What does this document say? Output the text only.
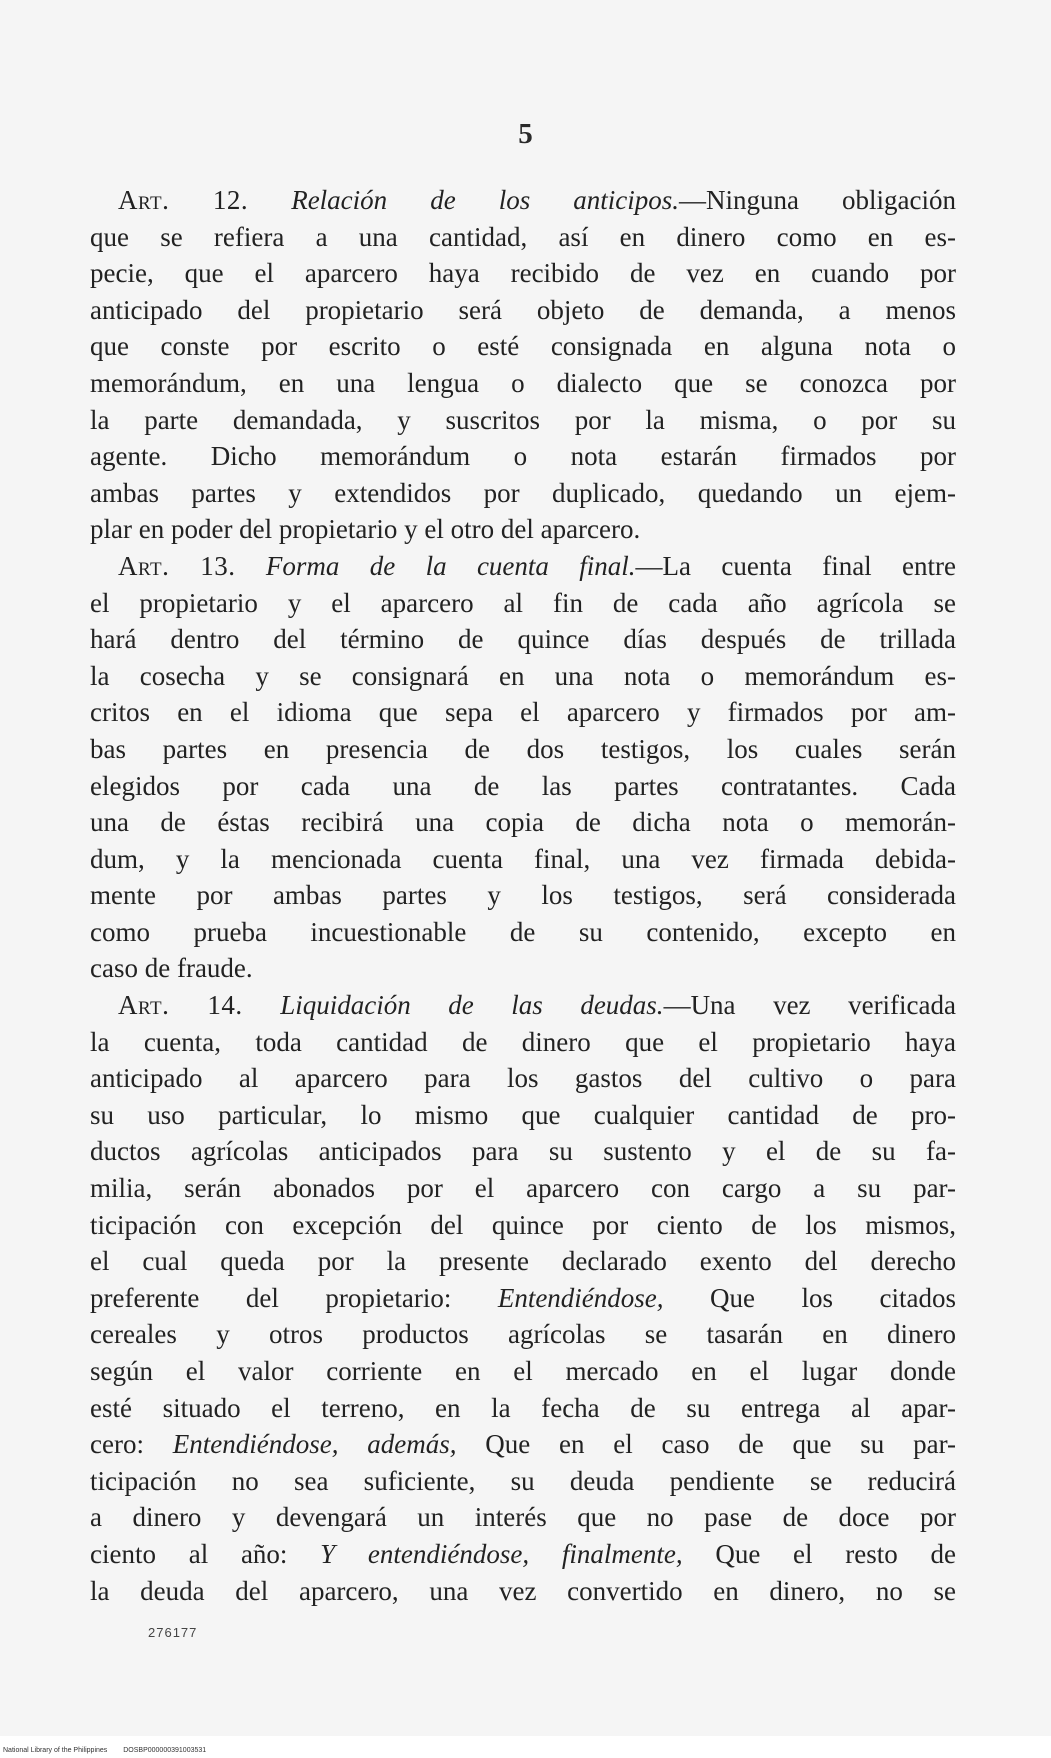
5
Art. 12. Relación de los anticipos.—Ninguna obligación
que se refiera a una cantidad, así en dinero como en es-
pecie, que el aparcero haya recibido de vez en cuando por
anticipado del propietario será objeto de demanda, a menos
que conste por escrito o esté consignada en alguna nota o
memorándum, en una lengua o dialecto que se conozca por
la parte demandada, y suscritos por la misma, o por su
agente. Dicho memorándum o nota estarán firmados por
ambas partes y extendidos por duplicado, quedando un ejem-
plar en poder del propietario y el otro del aparcero.
Art. 13. Forma de la cuenta final.—La cuenta final entre
el propietario y el aparcero al fin de cada año agrícola se
hará dentro del término de quince días después de trillada
la cosecha y se consignará en una nota o memorándum es-
critos en el idioma que sepa el aparcero y firmados por am-
bas partes en presencia de dos testigos, los cuales serán
elegidos por cada una de las partes contratantes. Cada
una de éstas recibirá una copia de dicha nota o memorán-
dum, y la mencionada cuenta final, una vez firmada debida-
mente por ambas partes y los testigos, será considerada
como prueba incuestionable de su contenido, excepto en
caso de fraude.
Art. 14. Liquidación de las deudas.—Una vez verificada
la cuenta, toda cantidad de dinero que el propietario haya
anticipado al aparcero para los gastos del cultivo o para
su uso particular, lo mismo que cualquier cantidad de pro-
ductos agrícolas anticipados para su sustento y el de su fa-
milia, serán abonados por el aparcero con cargo a su par-
ticipación con excepción del quince por ciento de los mismos,
el cual queda por la presente declarado exento del derecho
preferente del propietario: Entendiéndose, Que los citados
cereales y otros productos agrícolas se tasarán en dinero
según el valor corriente en el mercado en el lugar donde
esté situado el terreno, en la fecha de su entrega al apar-
cero: Entendiéndose, además, Que en el caso de que su par-
ticipación no sea suficiente, su deuda pendiente se reducirá
a dinero y devengará un interés que no pase de doce por
ciento al año: Y entendiéndose, finalmente, Que el resto de
la deuda del aparcero, una vez convertido en dinero, no se
276177
National Library of the Philippines DOSBP000000391003531
